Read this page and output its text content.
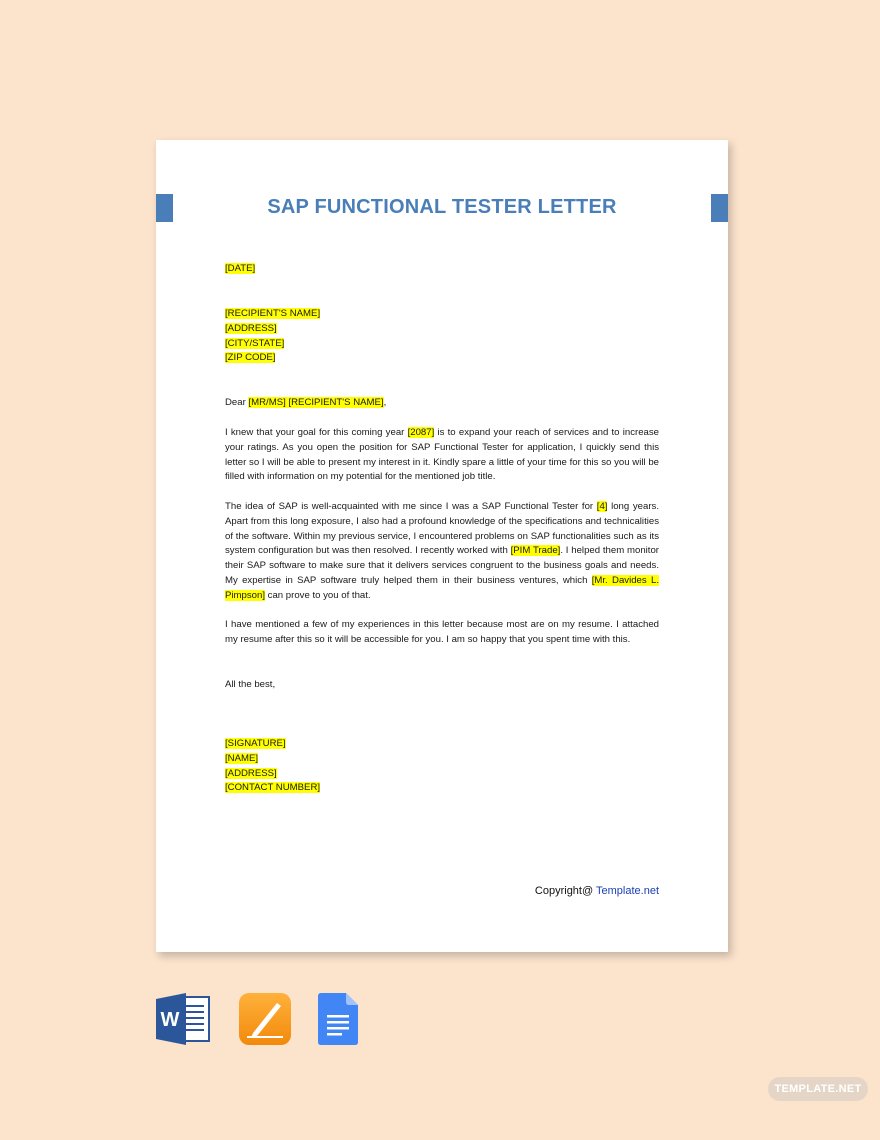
SAP FUNCTIONAL TESTER LETTER
[DATE]

[RECIPIENT'S NAME]

[ADDRESS]

[CITY/STATE]

[ZIP CODE]

Dear [MR/MS] [RECIPIENT'S NAME],
I knew that your goal for this coming year [2087] is to expand your reach of services and to increase your ratings. As you open the position for SAP Functional Tester for application, I quickly send this letter so I will be able to present my interest in it. Kindly spare a little of your time for this so you will be filled with information on my potential for the mentioned job title.
The idea of SAP is well-acquainted with me since I was a SAP Functional Tester for [4] long years. Apart from this long exposure, I also had a profound knowledge of the specifications and technicalities of the software. Within my previous service, I encountered problems on SAP functionalities such as its system configuration but was then resolved. I recently worked with [PIM Trade]. I helped them monitor their SAP software to make sure that it delivers services congruent to the business goals and needs. My expertise in SAP software truly helped them in their business ventures, which [Mr. Davides L. Pimpson] can prove to you of that.
I have mentioned a few of my experiences in this letter because most are on my resume. I attached my resume after this so it will be accessible for you. I am so happy that you spent time with this.
All the best,

[SIGNATURE]

[NAME]

[ADDRESS]

[CONTACT NUMBER]

Copyright@ Template.net
W
TEMPLATE.NET
